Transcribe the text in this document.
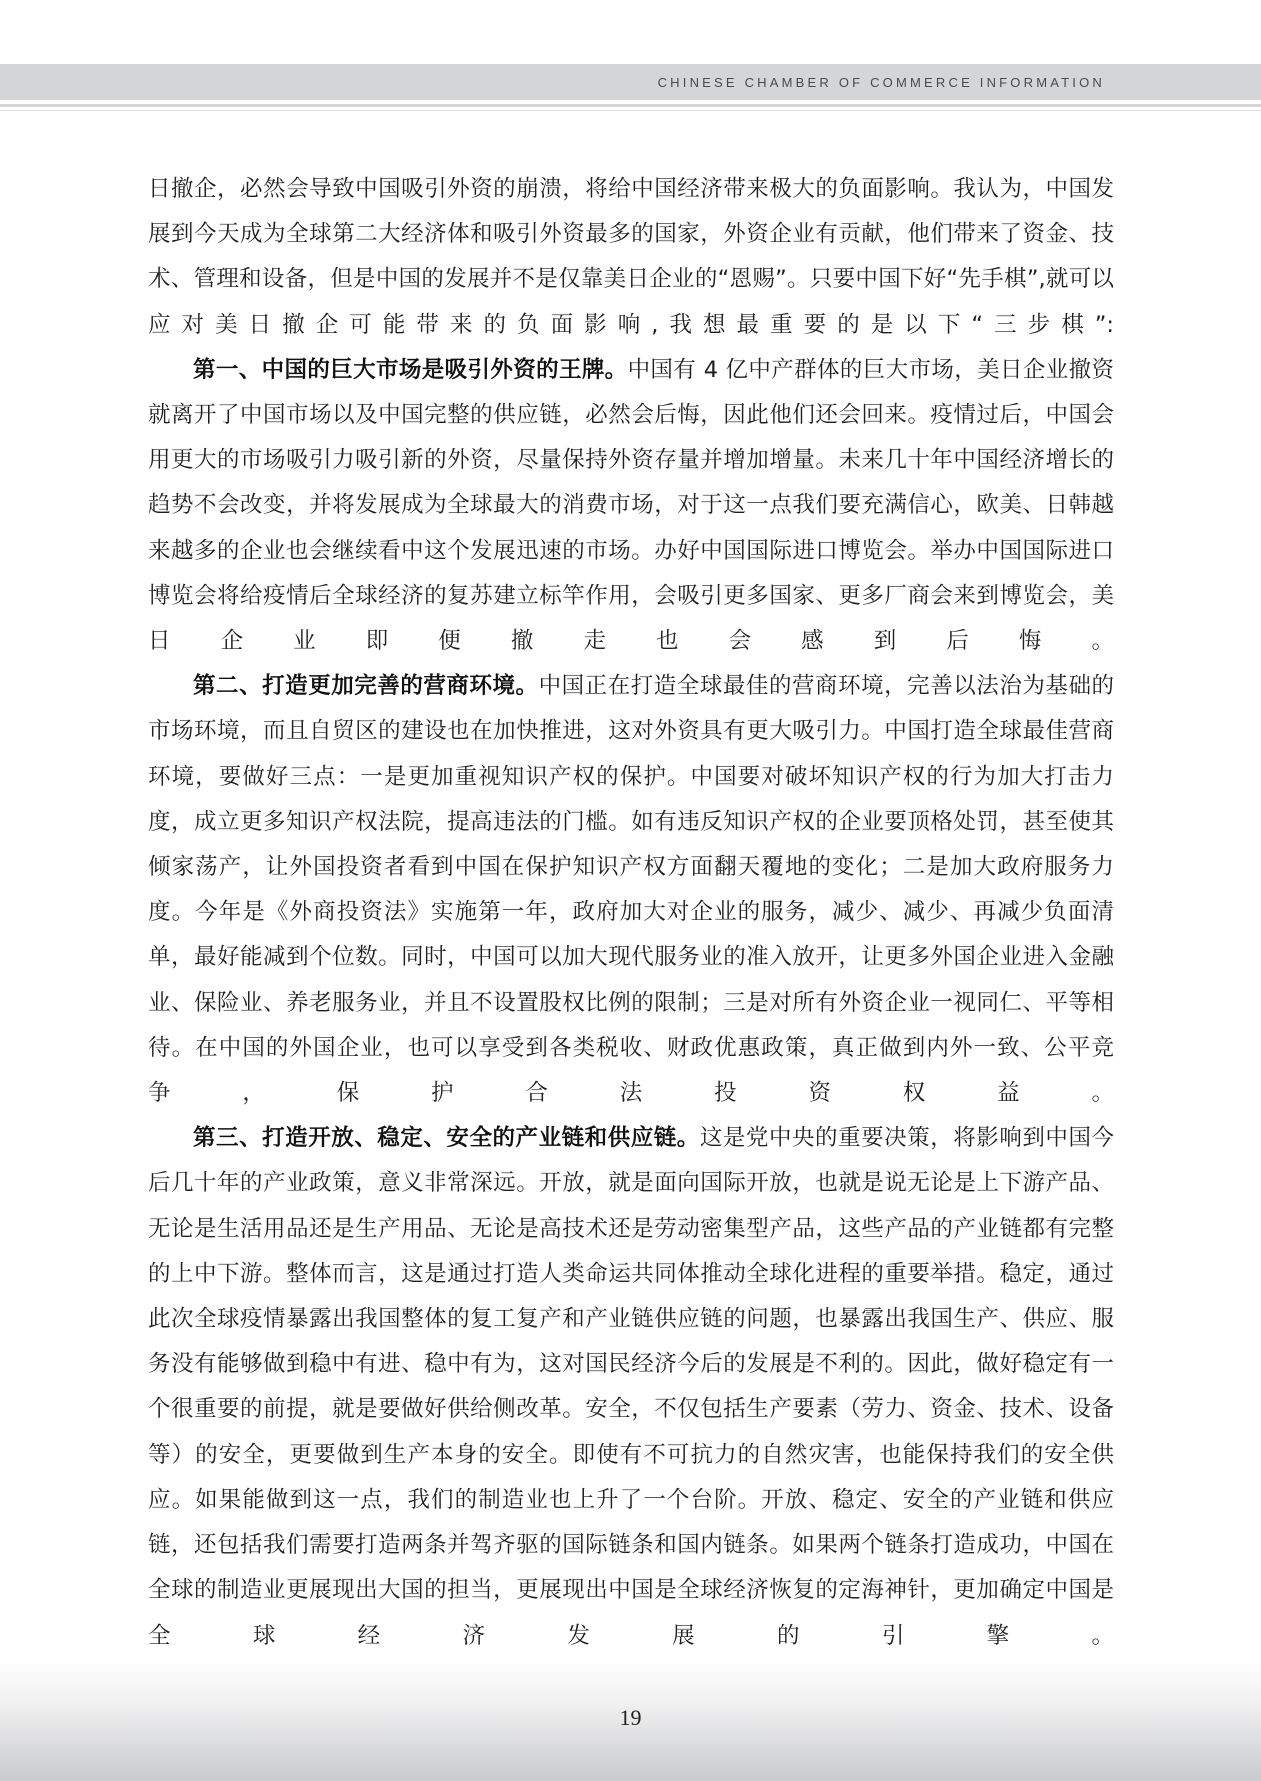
CHINESE CHAMBER OF COMMERCE INFORMATION

日撤企，必然会导致中国吸引外资的崩溃，将给中国经济带来极大的负面影响。我认为，中国发展到今天成为全球第二大经济体和吸引外资最多的国家，外资企业有贡献，他们带来了资金、技术、管理和设备，但是中国的发展并不是仅靠美日企业的“恩赐”。只要中国下好“先手棋”,就可以应对美日撤企可能带来的负面影响,我想最重要的是以下“三步棋”:

第一、中国的巨大市场是吸引外资的王牌。中国有 4 亿中产群体的巨大市场，美日企业撤资就离开了中国市场以及中国完整的供应链，必然会后悔，因此他们还会回来。疫情过后，中国会用更大的市场吸引力吸引新的外资，尽量保持外资存量并增加增量。未来几十年中国经济增长的趋势不会改变，并将发展成为全球最大的消费市场，对于这一点我们要充满信心，欧美、日韩越来越多的企业也会继续看中这个发展迅速的市场。办好中国国际进口博览会。举办中国国际进口博览会将给疫情后全球经济的复苏建立标竿作用，会吸引更多国家、更多厂商会来到博览会，美日企业即便撤走也会感到后悔。

第二、打造更加完善的营商环境。中国正在打造全球最佳的营商环境，完善以法治为基础的市场环境，而且自贸区的建设也在加快推进，这对外资具有更大吸引力。中国打造全球最佳营商环境，要做好三点：一是更加重视知识产权的保护。中国要对破坏知识产权的行为加大打击力度，成立更多知识产权法院，提高违法的门槛。如有违反知识产权的企业要顶格处罚，甚至使其倾家荡产，让外国投资者看到中国在保护知识产权方面翻天覆地的变化；二是加大政府服务力度。今年是《外商投资法》实施第一年，政府加大对企业的服务，减少、减少、再减少负面清单，最好能减到个位数。同时，中国可以加大现代服务业的准入放开，让更多外国企业进入金融业、保险业、养老服务业，并且不设置股权比例的限制；三是对所有外资企业一视同仁、平等相待。在中国的外国企业，也可以享受到各类税收、财政优惠政策，真正做到内外一致、公平竞争，保护合法投资权益。

第三、打造开放、稳定、安全的产业链和供应链。这是党中央的重要决策，将影响到中国今后几十年的产业政策，意义非常深远。开放，就是面向国际开放，也就是说无论是上下游产品、无论是生活用品还是生产用品、无论是高技术还是劳动密集型产品，这些产品的产业链都有完整的上中下游。整体而言，这是通过打造人类命运共同体推动全球化进程的重要举措。稳定，通过此次全球疫情暴露出我国整体的复工复产和产业链供应链的问题，也暴露出我国生产、供应、服务没有能够做到稳中有进、稳中有为，这对国民经济今后的发展是不利的。因此，做好稳定有一个很重要的前提，就是要做好供给侧改革。安全，不仅包括生产要素（劳力、资金、技术、设备等）的安全，更要做到生产本身的安全。即使有不可抗力的自然灾害，也能保持我们的安全供应。如果能做到这一点，我们的制造业也上升了一个台阶。开放、稳定、安全的产业链和供应链，还包括我们需要打造两条并驾齐驱的国际链条和国内链条。如果两个链条打造成功，中国在全球的制造业更展现出大国的担当，更展现出中国是全球经济恢复的定海神针，更加确定中国是全球经济发展的引擎。

19
